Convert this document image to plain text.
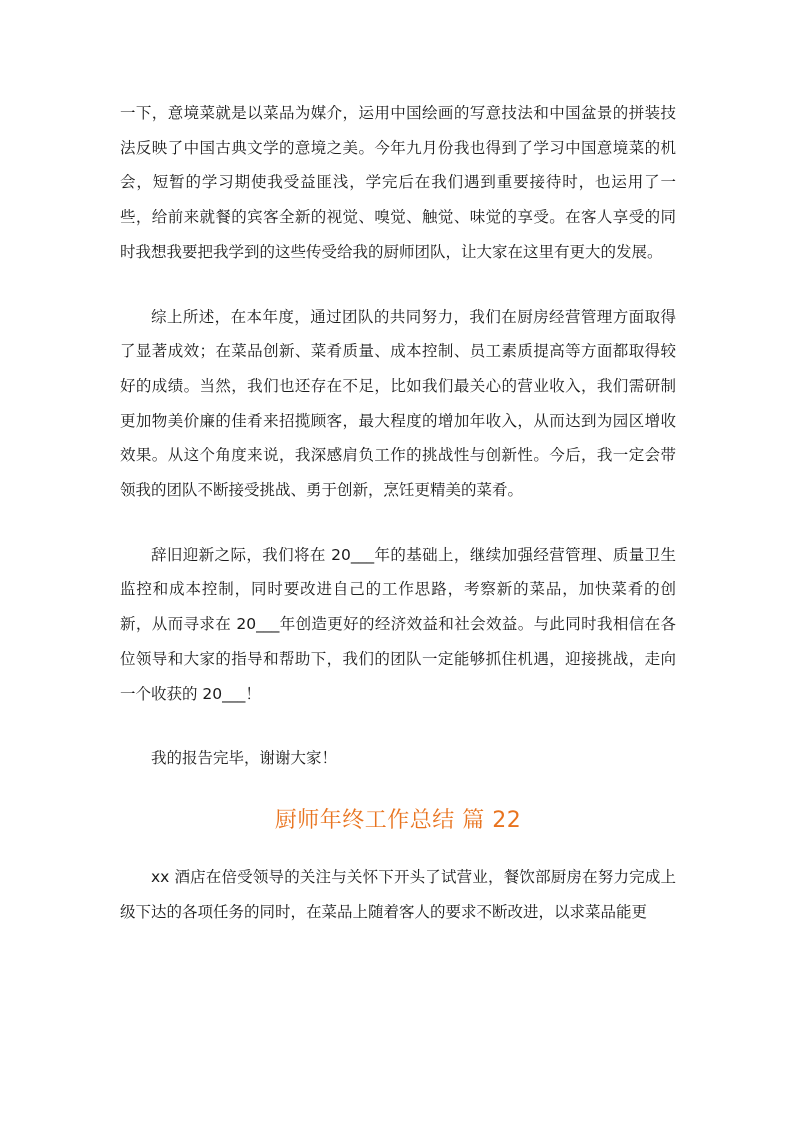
一下，意境菜就是以菜品为媒介，运用中国绘画的写意技法和中国盆景的拼装技法反映了中国古典文学的意境之美。今年九月份我也得到了学习中国意境菜的机会，短暂的学习期使我受益匪浅，学完后在我们遇到重要接待时，也运用了一些，给前来就餐的宾客全新的视觉、嗅觉、触觉、味觉的享受。在客人享受的同时我想我要把我学到的这些传受给我的厨师团队，让大家在这里有更大的发展。

综上所述，在本年度，通过团队的共同努力，我们在厨房经营管理方面取得了显著成效；在菜品创新、菜肴质量、成本控制、员工素质提高等方面都取得较好的成绩。当然，我们也还存在不足，比如我们最关心的营业收入，我们需研制更加物美价廉的佳肴来招揽顾客，最大程度的增加年收入，从而达到为园区增收效果。从这个角度来说，我深感肩负工作的挑战性与创新性。今后，我一定会带领我的团队不断接受挑战、勇于创新，烹饪更精美的菜肴。

辞旧迎新之际，我们将在 20___年的基础上，继续加强经营管理、质量卫生监控和成本控制，同时要改进自己的工作思路，考察新的菜品，加快菜肴的创新，从而寻求在 20___年创造更好的经济效益和社会效益。与此同时我相信在各位领导和大家的指导和帮助下，我们的团队一定能够抓住机遇，迎接挑战，走向一个收获的 20___！

我的报告完毕，谢谢大家！

厨师年终工作总结 篇 22

xx 酒店在倍受领导的关注与关怀下开头了试营业，餐饮部厨房在努力完成上级下达的各项任务的同时，在菜品上随着客人的要求不断改进，以求菜品能更
